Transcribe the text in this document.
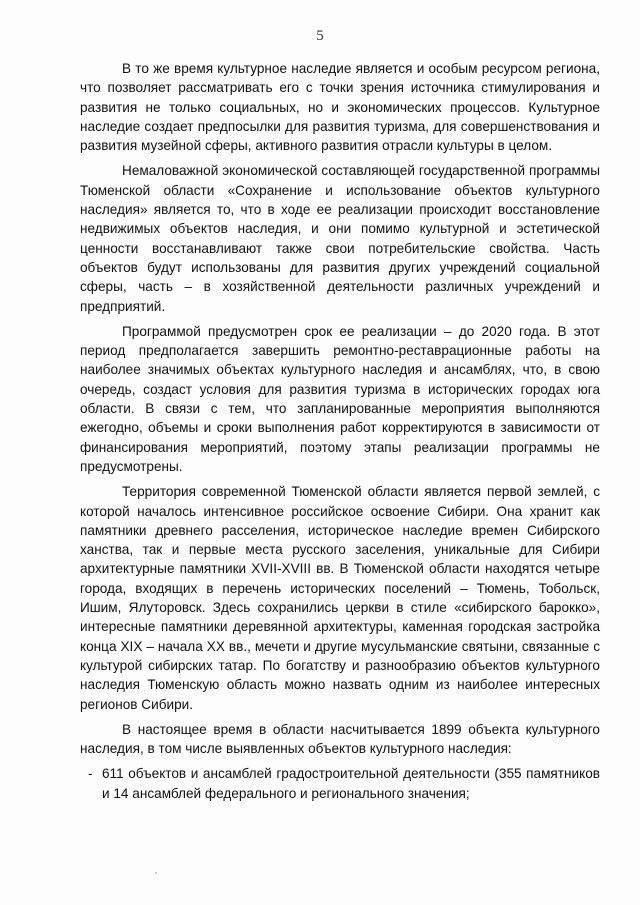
5

В то же время культурное наследие является и особым ресурсом региона, что позволяет рассматривать его с точки зрения источника стимулирования и развития не только социальных, но и экономических процессов. Культурное наследие создает предпосылки для развития туризма, для совершенствования и развития музейной сферы, активного развития отрасли культуры в целом.

Немаловажной экономической составляющей государственной программы Тюменской области «Сохранение и использование объектов культурного наследия» является то, что в ходе ее реализации происходит восстановление недвижимых объектов наследия, и они помимо культурной и эстетической ценности восстанавливают также свои потребительские свойства. Часть объектов будут использованы для развития других учреждений социальной сферы, часть – в хозяйственной деятельности различных учреждений и предприятий.

Программой предусмотрен срок ее реализации – до 2020 года. В этот период предполагается завершить ремонтно-реставрационные работы на наиболее значимых объектах культурного наследия и ансамблях, что, в свою очередь, создаст условия для развития туризма в исторических городах юга области. В связи с тем, что запланированные мероприятия выполняются ежегодно, объемы и сроки выполнения работ корректируются в зависимости от финансирования мероприятий, поэтому этапы реализации программы не предусмотрены.

Территория современной Тюменской области является первой землей, с которой началось интенсивное российское освоение Сибири. Она хранит как памятники древнего расселения, историческое наследие времен Сибирского ханства, так и первые места русского заселения, уникальные для Сибири архитектурные памятники XVII-XVIII вв. В Тюменской области находятся четыре города, входящих в перечень исторических поселений – Тюмень, Тобольск, Ишим, Ялуторовск. Здесь сохранились церкви в стиле «сибирского барокко», интересные памятники деревянной архитектуры, каменная городская застройка конца XIX – начала XX вв., мечети и другие мусульманские святыни, связанные с культурой сибирских татар. По богатству и разнообразию объектов культурного наследия Тюменскую область можно назвать одним из наиболее интересных регионов Сибири.

В настоящее время в области насчитывается 1899 объекта культурного наследия, в том числе выявленных объектов культурного наследия:

- 611 объектов и ансамблей градостроительной деятельности (355 памятников и 14 ансамблей федерального и регионального значения;
